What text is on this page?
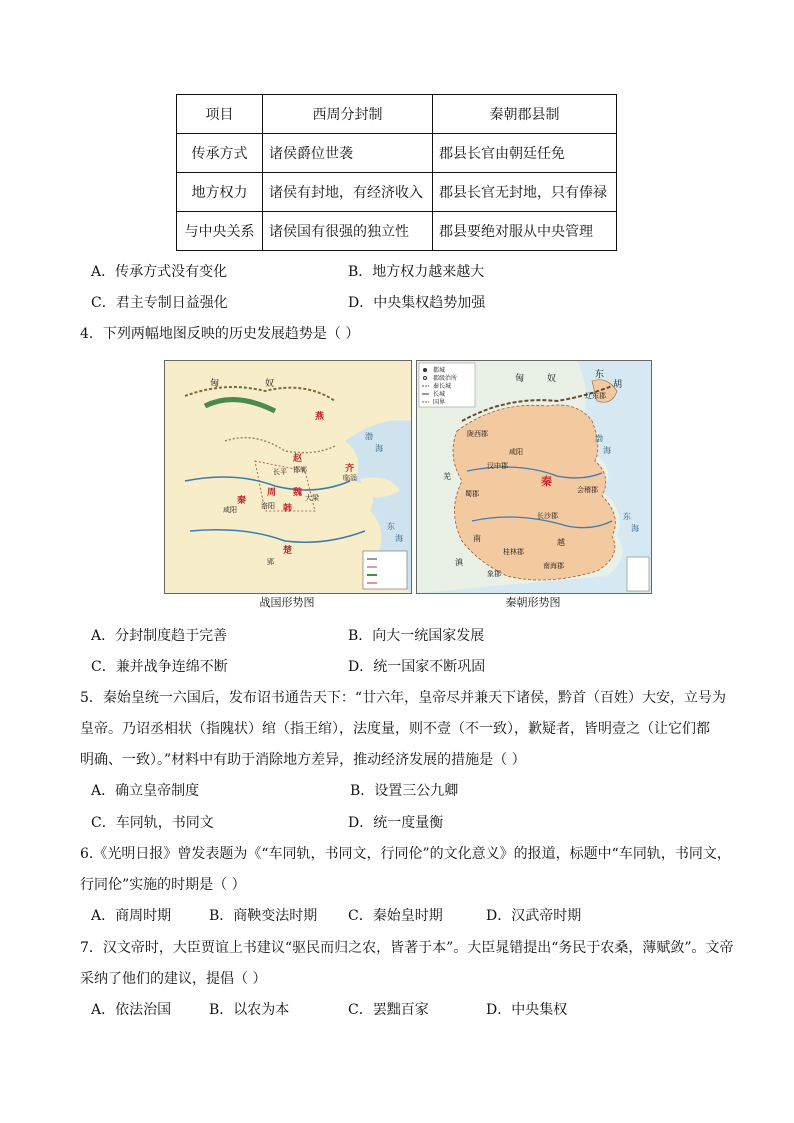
项目	西周分封制	秦朝郡县制
传承方式	诸侯爵位世袭	郡县长官由朝廷任免
地方权力	诸侯有封地，有经济收入	郡县长官无封地，只有俸禄
与中央关系	诸侯国有很强的独立性	郡县要绝对服从中央管理
A．传承方式没有变化	B．地方权力越来越大
C．君主专制日益强化	D．中央集权趋势加强
4．下列两幅地图反映的历史发展趋势是（ ）
匈	奴
燕
赵
齐
魏
韩
秦
楚
渤
海
东
海
周
咸阳	洛阳
长平 邯郸
临淄
大梁
郢
战国形势图
都城
郡级治所
秦长城
长城
国界
匈	奴	东
胡
秦
咸阳
陇西郡
汉中郡
蜀郡
长沙郡
会稽郡
南海郡
桂林郡
象郡
辽东郡
渤
海
东
海
南	越
羌
滇
秦朝形势图
A．分封制度趋于完善	B．向大一统国家发展
C．兼并战争连绵不断	D．统一国家不断巩固
5．秦始皇统一六国后，发布诏书通告天下：“廿六年，皇帝尽并兼天下诸侯，黔首（百姓）大安，立号为
皇帝。乃诏丞相状（指隗状）绾（指王绾），法度量，则不壹（不一致），歉疑者，皆明壹之（让它们都
明确、一致）。”材料中有助于消除地方差异，推动经济发展的措施是（ ）
A．确立皇帝制度	B．设置三公九卿
C．车同轨，书同文	D．统一度量衡
6.《光明日报》曾发表题为《“车同轨，书同文，行同伦”的文化意义》的报道，标题中“车同轨，书同文，
行同伦”实施的时期是（ ）
A．商周时期	B．商鞅变法时期 C．秦始皇时期	D．汉武帝时期
7．汉文帝时，大臣贾谊上书建议“驱民而归之农，皆著于本”。大臣晁错提出“务民于农桑，薄赋敛”。文帝
采纳了他们的建议，提倡（ ）
A．依法治国	B．以农为本	C．罢黜百家	D．中央集权
